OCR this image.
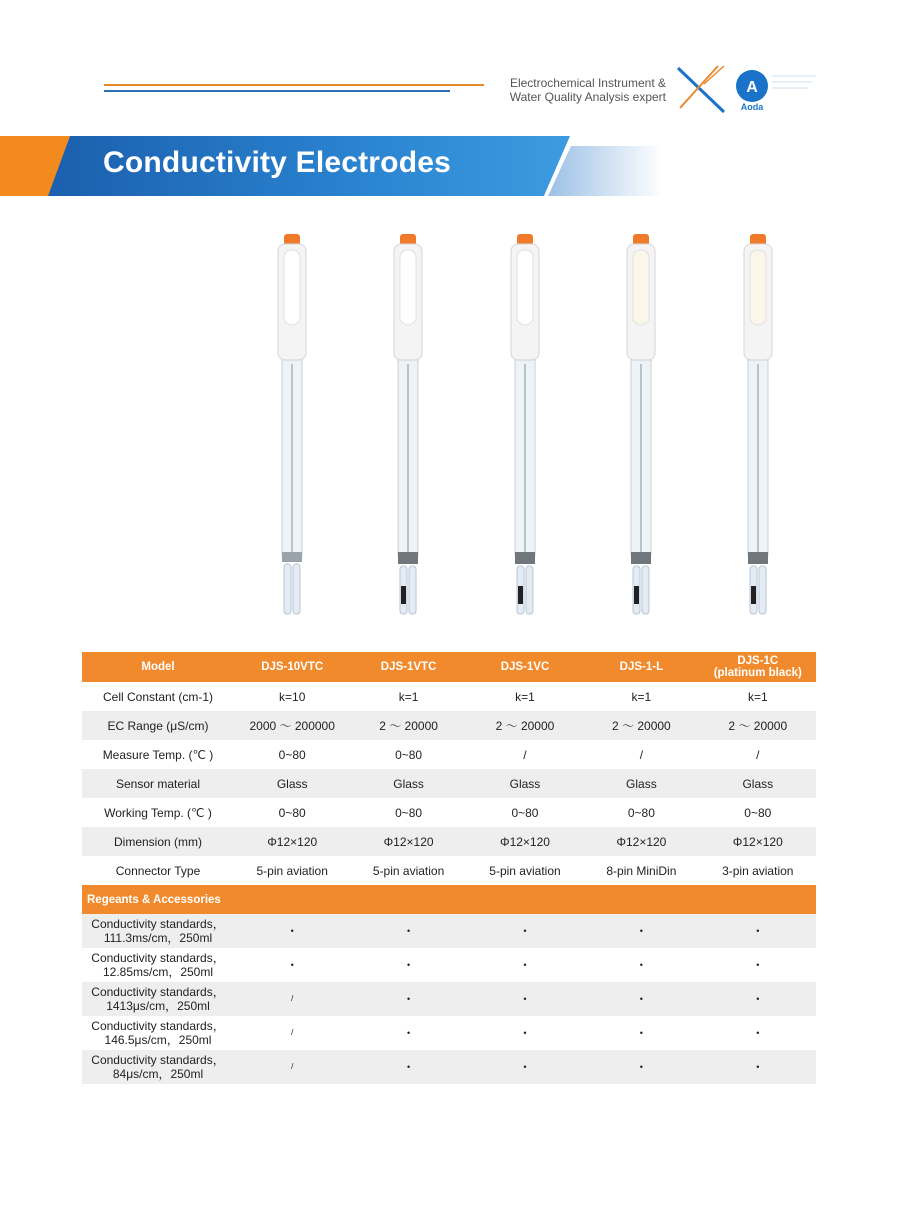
Electrochemical Instrument &
Water Quality Analysis expert
A
Aoda
Conductivity Electrodes
Model	DJS-10VTC	DJS-1VTC	DJS-1VC	DJS-1-L	DJS-1C
(platinum black)

Cell Constant (cm-1)	k=10	k=1	k=1	k=1	k=1
EC Range (μS/cm)	2000 ～ 200000	2 ～ 20000	2 ～ 20000	2 ～ 20000	2 ～ 20000
Measure Temp. (℃ )	0~80	0~80	/	/	/
Sensor material	Glass	Glass	Glass	Glass	Glass
Working Temp. (℃ )	0~80	0~80	0~80	0~80	0~80
Dimension (mm)	Φ12×120	Φ12×120	Φ12×120	Φ12×120	Φ12×120
Connector Type	5-pin aviation	5-pin aviation	5-pin aviation	8-pin MiniDin	3-pin aviation
Regeants & Accessories					

Conductivity standards，
111.3ms/cm，250ml	•	•	•	•	•

Conductivity standards，
12.85ms/cm，250ml	•	•	•	•	•

Conductivity standards，
1413μs/cm，250ml	/	•	•	•	•

Conductivity standards，
146.5μs/cm，250ml	/	•	•	•	•

Conductivity standards，
84μs/cm，250ml	/	•	•	•	•
